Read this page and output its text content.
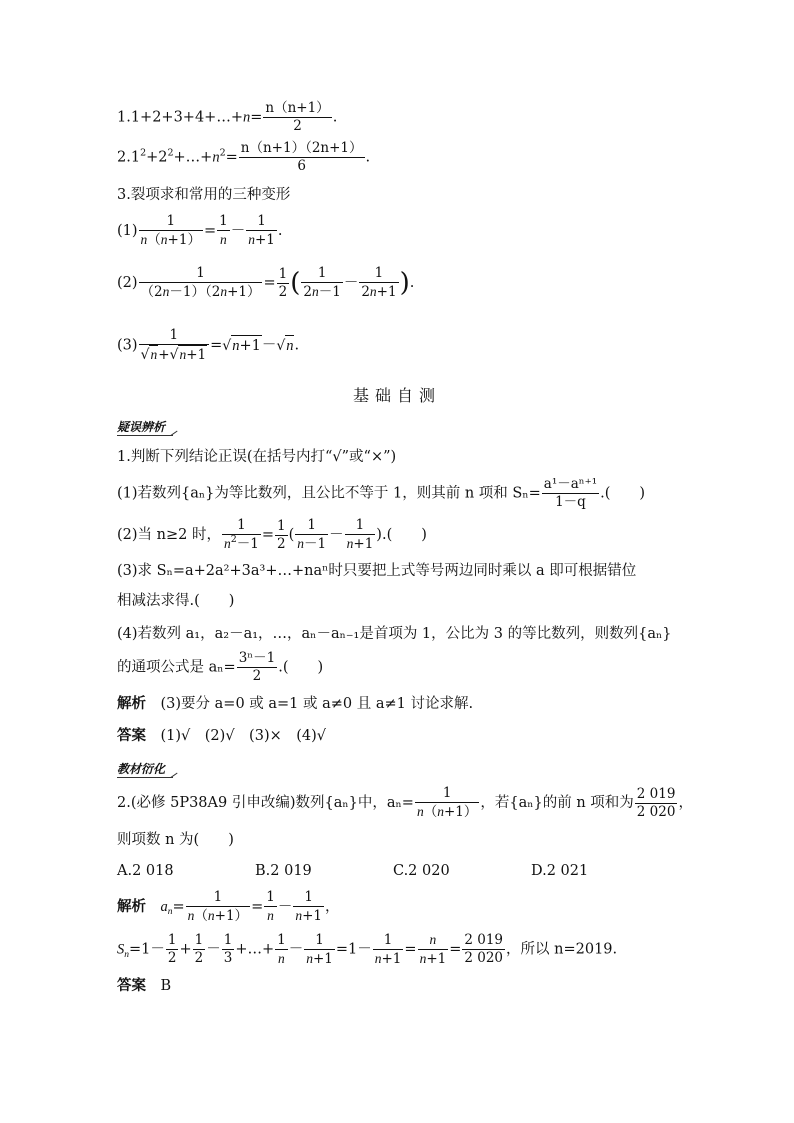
1.1+2+3+4+…+n= $\frac{n(n+1)}{2}$ .
$2.1^2+2^2+\dots+n^2= \frac{n(n+1)(2n+1)}{6}$ .
3.裂项求和常用的三种变形
$(1) \frac{1}{n(n+1)} = \frac{1}{n} - \frac{1}{n+1}$ .
$(2) \frac{1}{(2n-1)(2n+1)} = \frac{1}{2}$ ( $\frac{1}{2n-1} - \frac{1}{2n+1}$ ).
$(3) \frac{1}{√n+√n+1} =√n+1-√n$.
基础自测
疑误辨析
1.判断下列结论正误(在括号内打“√”或“×”)
(1)若数列{aₙ}为等比数列，且公比不等于 1，则其前 n 项和 $S_n= \frac{\text{a¹－aⁿ⁺¹}}{1-q}$ .(　　)
(2)当 n≥2 时， $\frac{1}{n^2-1} = \frac{1}{2}$ ( $\frac{1}{n-1} - \frac{1}{n+1}$ ).(　　)
(3)求 Sₙ=a+2a²+3a³+…+naⁿ时只要把上式等号两边同时乘以 a 即可根据错位
相减法求得.(　　)
(4)若数列 a₁，a₂－a₁，…，aₙ－aₙ₋₁是首项为 1，公比为 3 的等比数列，则数列{aₙ}
的通项公式是 $a_n= \frac{\text{3ⁿ－1}}{2}$ .(　　)
解析　 (3)要分 a=0 或 a=1 或 a≠0 且 a≠1 讨论求解.
答案　 (1)√　(2)√　(3)×　(4)√
教材衍化
2.(必修 5P38A9 引申改编)数列{aₙ}中，$a_n= \frac{1}{n(n+1)}$ ，若{aₙ}的前 n 项和为 $\frac{2 019}{2 020}$ ，
则项数 n 为(　　)
A.2 018	B.2 019	C.2 020	D.2 021
解析　 $a_n= \frac{1}{n(n+1)} = \frac{1}{n} - \frac{1}{n+1}$ ，
$S_n=1- \frac{1}{2} + \frac{1}{2} - \frac{1}{3}$ +…+ $\frac{1}{n} - \frac{1}{n+1} =1- \frac{1}{n+1} = \frac{n}{n+1} = \frac{2 019}{2 020}$ ，所以 n=2019.
答案　 B
